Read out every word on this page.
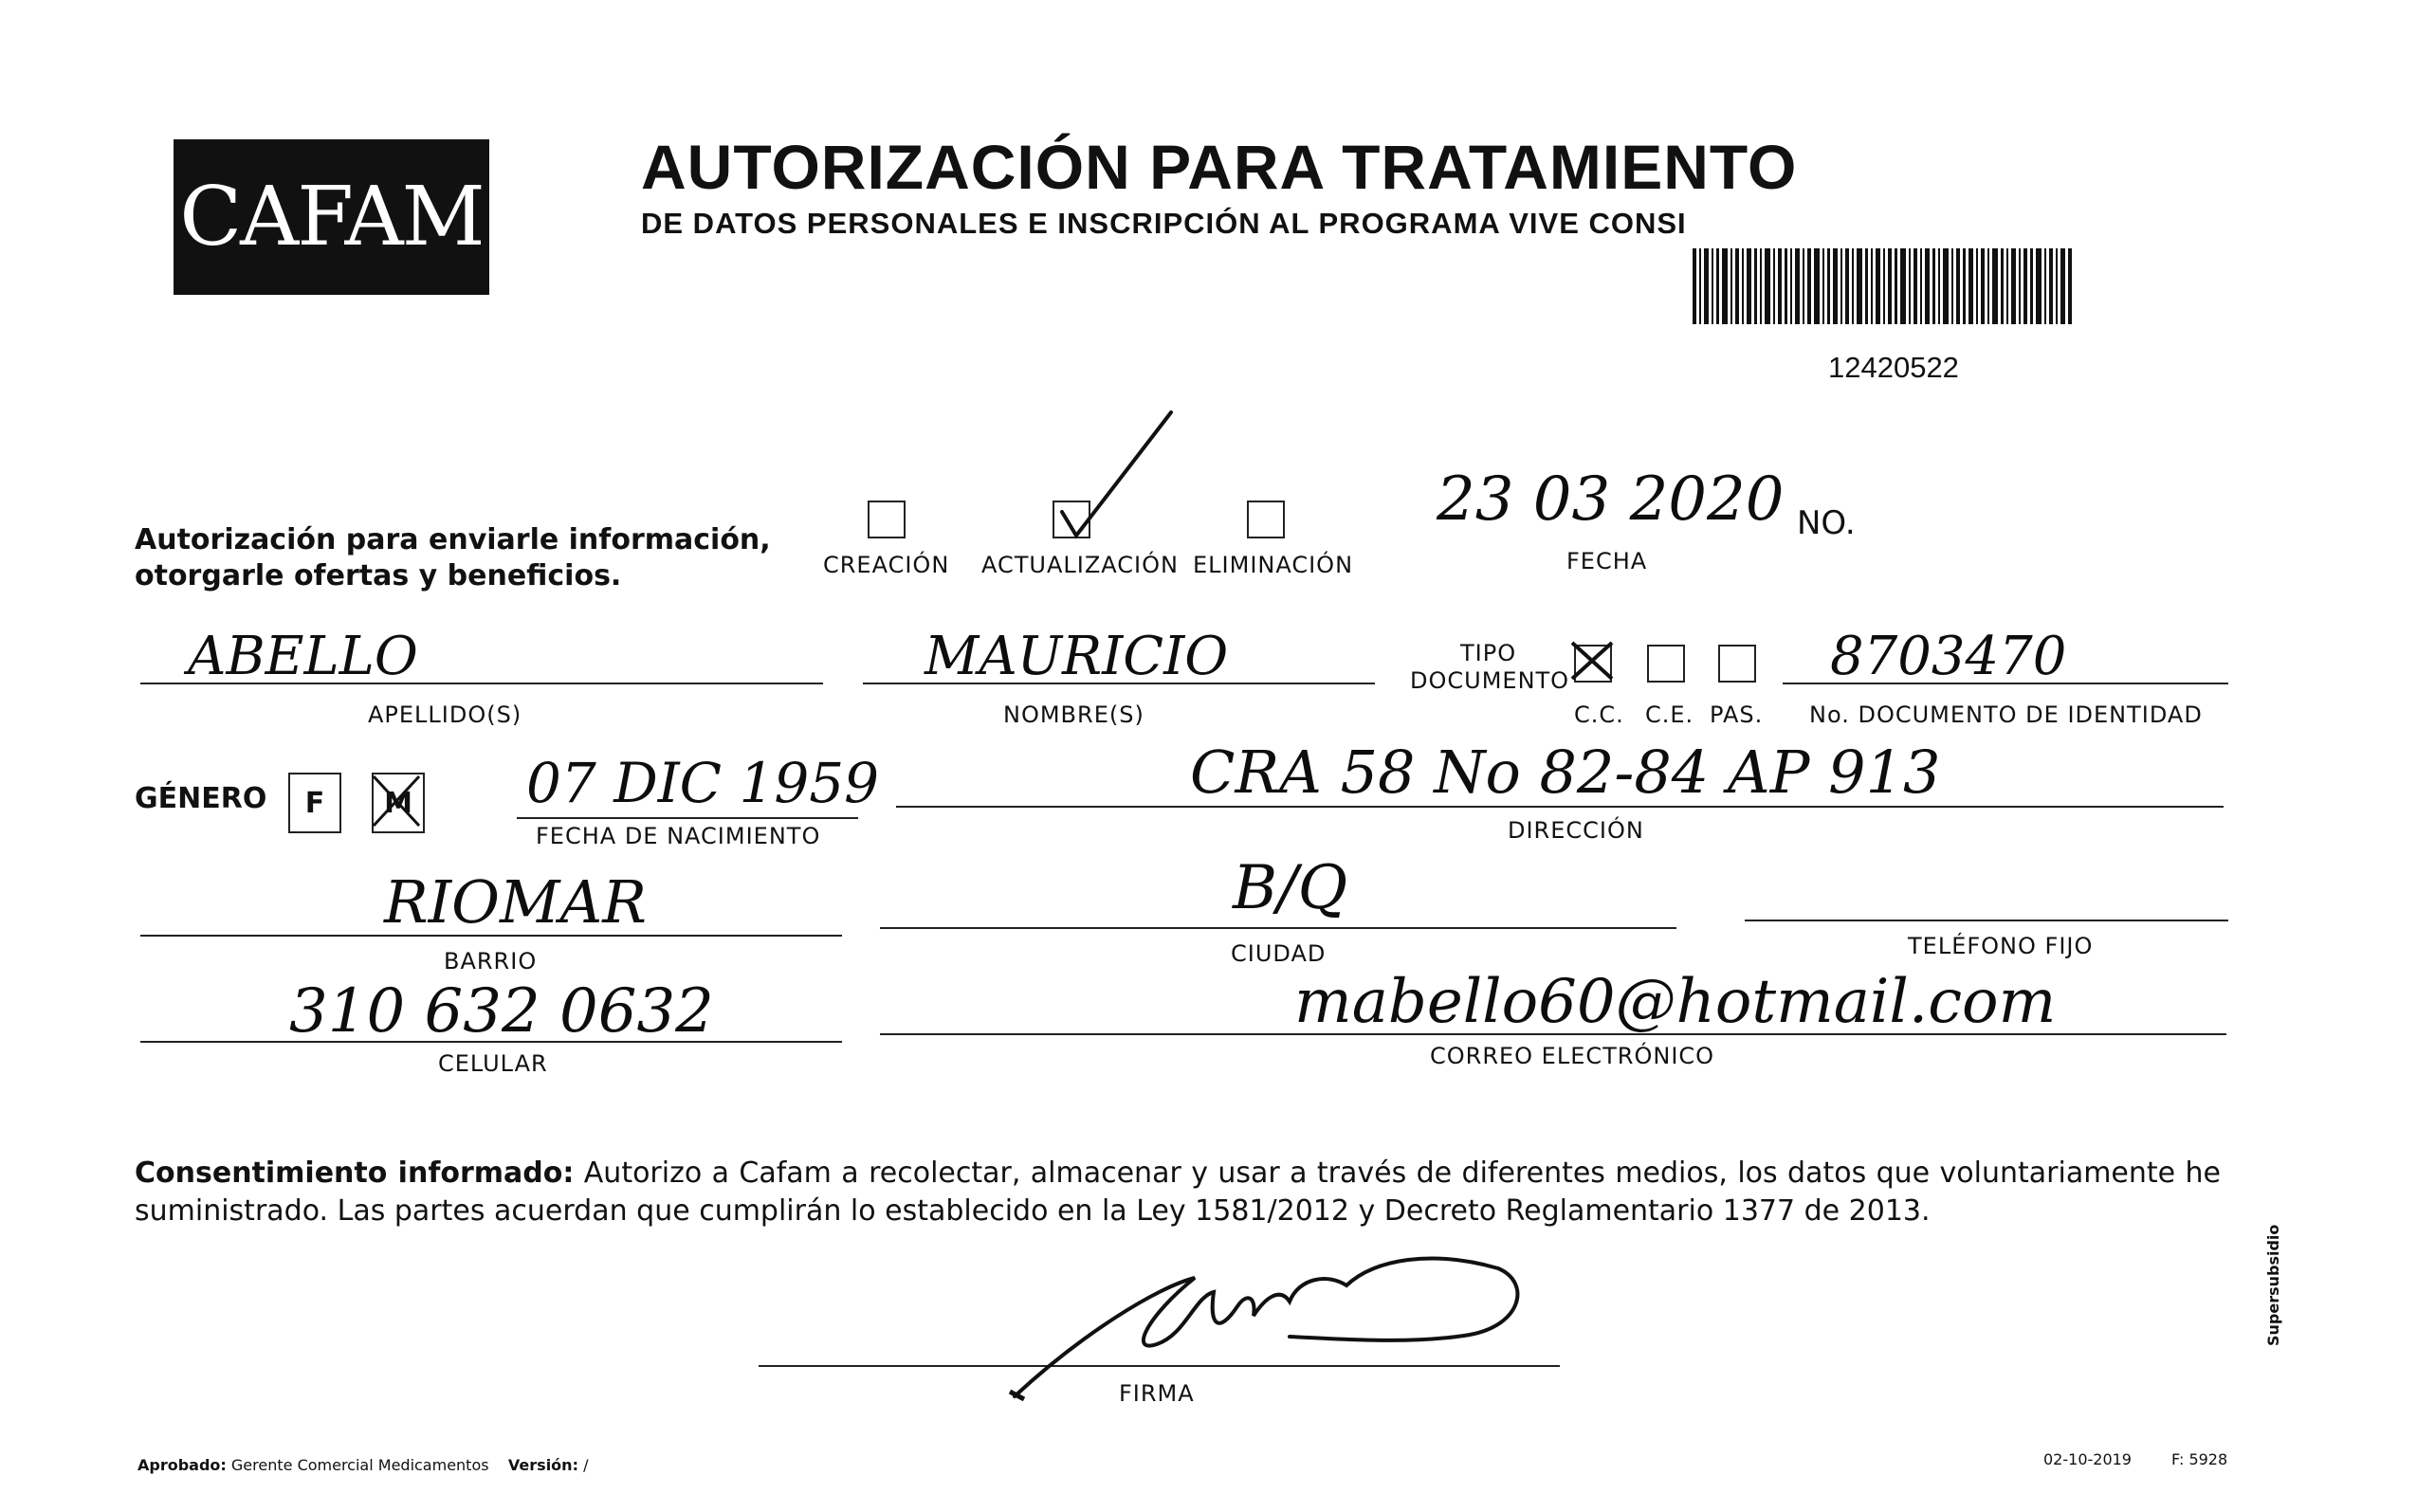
CAFAM
AUTORIZACIÓN PARA TRATAMIENTO
DE DATOS PERSONALES E INSCRIPCIÓN AL PROGRAMA VIVE CONSI
12420522
Autorización para enviarle información,
otorgarle ofertas y beneficios.	CREACIÓN ACTUALIZACIÓN ELIMINACIÓN
23 03 2020
FECHA
NO.
ABELLO
APELLIDO(S)
MAURICIO
NOMBRE(S)
TIPO
DOCUMENTO
C.C. C.E. PAS.
8703470
No. DOCUMENTO DE IDENTIDAD
GÉNERO	F	M 07 DIC 1959
FECHA DE NACIMIENTO
CRA 58 No 82-84 AP 913
DIRECCIÓN
RIOMAR
BARRIO
B/Q
CIUDAD	TELÉFONO FIJO
310 632 0632
CELULAR
mabello60@hotmail.com
CORREO ELECTRÓNICO
Consentimiento informado: Autorizo a Cafam a recolectar, almacenar y usar a través de diferentes medios, los datos que voluntariamente he suministrado. Las partes acuerdan que cumplirán lo establecido en la Ley 1581/2012 y Decreto Reglamentario 1377 de 2013.
FIRMA
Aprobado: Gerente Comercial Medicamentos Versión: /	02-10-2019	F: 5928
Supersubsidio
